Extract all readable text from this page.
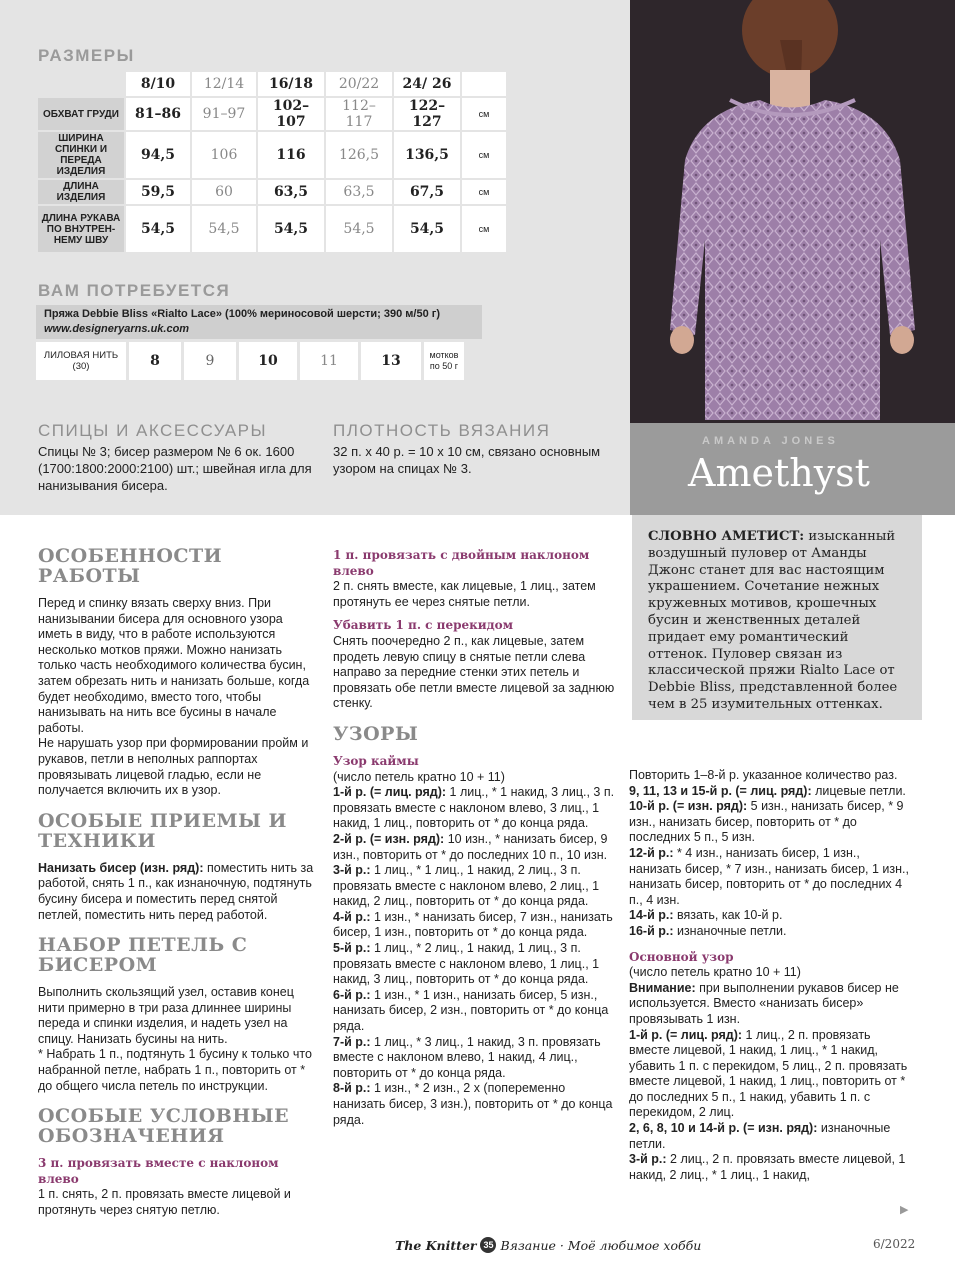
РАЗМЕРЫ
	8/10	12/14	16/18	20/22	24/ 26	
ОБХВАТ ГРУДИ	81–86	91–97	102–107	112–117	122–127	см
ШИРИНА СПИНКИ И ПЕРЕДА ИЗДЕЛИЯ	94,5	106	116	126,5	136,5	см
ДЛИНА ИЗДЕЛИЯ	59,5	60	63,5	63,5	67,5	см
ДЛИНА РУКАВА ПО ВНУТРЕН-НЕМУ ШВУ	54,5	54,5	54,5	54,5	54,5	см
ВАМ ПОТРЕБУЕТСЯ
Пряжа Debbie Bliss «Rialto Lace» (100% мериносовой шерсти; 390 м/50 г)
www.designeryarns.uk.com
ЛИЛОВАЯ НИТЬ (30)	8	9	10	11	13	мотков по 50 г
СПИЦЫ И АКСЕССУАРЫ
Спицы № 3; бисер размером № 6 ок. 1600 (1700:1800:2000:2100) шт.; швейная игла для нанизывания бисера.
ПЛОТНОСТЬ ВЯЗАНИЯ
32 п. х 40 р. = 10 х 10 см, связано основным узором на спицах № 3.
AMANDA JONES
Amethyst
СЛОВНО АМЕТИСТ: изысканный воздушный пуловер от Аманды Джонс станет для вас настоящим украшением. Сочетание нежных кружевных мотивов, крошечных бусин и женственных деталей придает ему романтический оттенок. Пуловер связан из классической пряжи Rialto Lace от Debbie Bliss, представленной более чем в 25 изумительных оттенках.
ОСОБЕННОСТИ РАБОТЫ

Перед и спинку вязать сверху вниз. При нанизывании бисера для основного узора иметь в виду, что в работе используются несколько мотков пряжи. Можно нанизать только часть необходимого количества бусин, затем обрезать нить и нанизать больше, когда будет необходимо, вместо того, чтобы нанизывать на нить все бусины в начале работы.

Не нарушать узор при формировании пройм и рукавов, петли в неполных раппортах провязывать лицевой гладью, если не получается включить их в узор.

ОСОБЫЕ ПРИЕМЫ И ТЕХНИКИ

Нанизать бисер (изн. ряд): поместить нить за работой, снять 1 п., как изнаночную, подтянуть бусину бисера и поместить перед снятой петлей, поместить нить перед работой.

НАБОР ПЕТЕЛЬ С БИСЕРОМ

Выполнить скользящий узел, оставив конец нити примерно в три раза длиннее ширины переда и спинки изделия, и надеть узел на спицу. Нанизать бусины на нить.

* Набрать 1 п., подтянуть 1 бусину к только что набранной петле, набрать 1 п., повторить от * до общего числа петель по инструкции.

ОСОБЫЕ УСЛОВНЫЕ ОБОЗНАЧЕНИЯ
3 п. провязать вместе с наклоном влево

1 п. снять, 2 п. провязать вместе лицевой и протянуть через снятую петлю.

1 п. провязать с двойным наклоном влево

2 п. снять вместе, как лицевые, 1 лиц., затем протянуть ее через снятые петли.

Убавить 1 п. с перекидом

Снять поочередно 2 п., как лицевые, затем продеть левую спицу в снятые петли слева направо за передние стенки этих петель и провязать обе петли вместе лицевой за заднюю стенку.

УЗОРЫ
Узор каймы

(число петель кратно 10 + 11)

1-й р. (= лиц. ряд): 1 лиц., * 1 накид, 3 лиц., 3 п. провязать вместе с наклоном влево, 3 лиц., 1 накид, 1 лиц., повторить от * до конца ряда.

2-й р. (= изн. ряд): 10 изн., * нанизать бисер, 9 изн., повторить от * до последних 10 п., 10 изн.

3-й р.: 1 лиц., * 1 лиц., 1 накид, 2 лиц., 3 п. провязать вместе с наклоном влево, 2 лиц., 1 накид, 2 лиц., повторить от * до конца ряда.

4-й р.: 1 изн., * нанизать бисер, 7 изн., нанизать бисер, 1 изн., повторить от * до конца ряда.

5-й р.: 1 лиц., * 2 лиц., 1 накид, 1 лиц., 3 п. провязать вместе с наклоном влево, 1 лиц., 1 накид, 3 лиц., повторить от * до конца ряда.

6-й р.: 1 изн., * 1 изн., нанизать бисер, 5 изн., нанизать бисер, 2 изн., повторить от * до конца ряда.

7-й р.: 1 лиц., * 3 лиц., 1 накид, 3 п. провязать вместе с наклоном влево, 1 накид, 4 лиц., повторить от * до конца ряда.

8-й р.: 1 изн., * 2 изн., 2 х (попеременно нанизать бисер, 3 изн.), повторить от * до конца ряда.

Повторить 1–8-й р. указанное количество раз.

9, 11, 13 и 15-й р. (= лиц. ряд): лицевые петли.

10-й р. (= изн. ряд): 5 изн., нанизать бисер, * 9 изн., нанизать бисер, повторить от * до последних 5 п., 5 изн.

12-й р.: * 4 изн., нанизать бисер, 1 изн., нанизать бисер, * 7 изн., нанизать бисер, 1 изн., нанизать бисер, повторить от * до последних 4 п., 4 изн.

14-й р.: вязать, как 10-й р.

16-й р.: изнаночные петли.

Основной узор

(число петель кратно 10 + 11)

Внимание: при выполнении рукавов бисер не используется. Вместо «нанизать бисер» провязывать 1 изн.

1-й р. (= лиц. ряд): 1 лиц., 2 п. провязать вместе лицевой, 1 накид, 1 лиц., * 1 накид, убавить 1 п. с перекидом, 5 лиц., 2 п. провязать вместе лицевой, 1 накид, 1 лиц., повторить от * до последних 5 п., 1 накид, убавить 1 п. с перекидом, 2 лиц.

2, 6, 8, 10 и 14-й р. (= изн. ряд): изнаночные петли.

3-й р.: 2 лиц., 2 п. провязать вместе лицевой, 1 накид, 2 лиц., * 1 лиц., 1 накид,

▶
The Knitter 35 Вязание · Моё любимое хобби	6/2022
